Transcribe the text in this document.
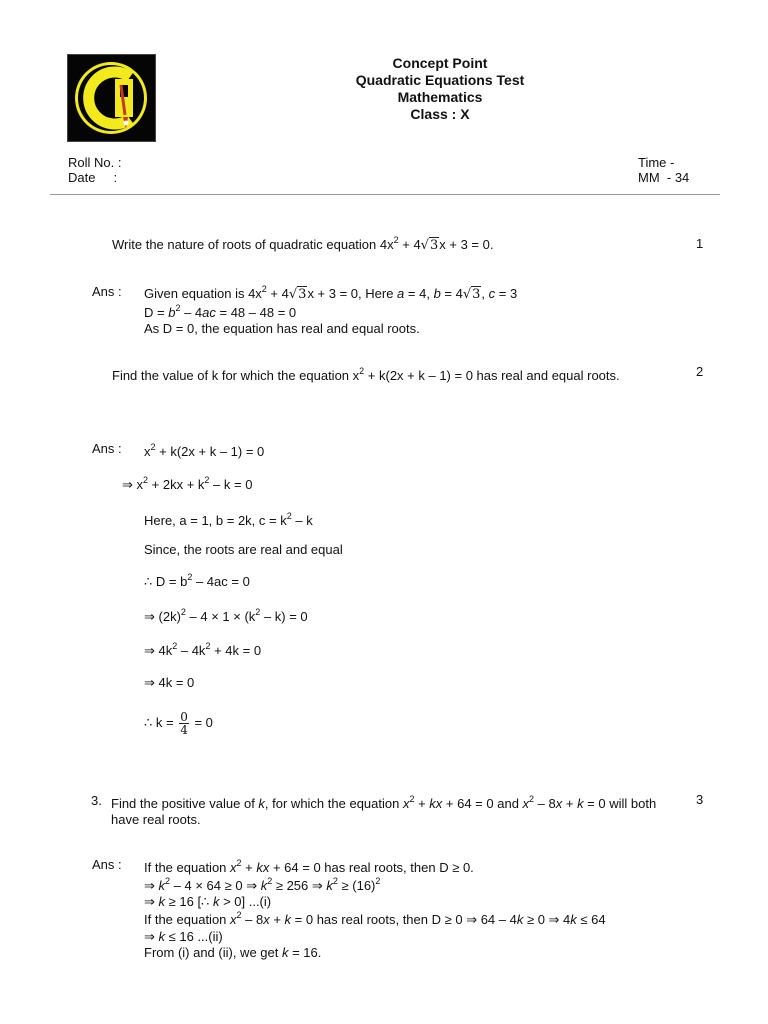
Concept Point
Quadratic Equations Test
Mathematics
Class : X
Roll No. :
Date     :
Time -
MM  - 34
Write the nature of roots of quadratic equation $4x^2 + 4√3x + 3 = 0$.	1
Ans : Given equation is $4x^2 + 4√3x + 3 = 0$, Here a = 4, b = 4√3, c = 3
$D = b^2 - 4ac = 48 - 48 = 0$
As D = 0, the equation has real and equal roots.
Find the value of k for which the equation $x^2 + k(2x + k - 1) = 0$ has real and equal roots.	2
Ans : $x^2 + k(2x + k - 1) = 0$
⇒ $x^2 + 2kx + k^2 - k = 0$
Here, a = 1, b = 2k, $c = k^2 - k$
Since, the roots are real and equal
∴ $D = b^2 - 4ac = 0$
⇒ $(2k)^2 - 4 \times 1 \times (k^2 - k) = 0$
⇒ $4k^2 - 4k^2 + 4k = 0$
⇒ 4k = 0
∴ $k = \frac{0}{4} = 0$
3. Find the positive value of k, for which the equation $x^2$ + kx + 64 = 0 and $x^2 - 8x + k = 0$ will both
have real roots.
3
Ans : If the equation $x^2$ + kx + 64 = 0 has real roots, then D ≥ 0.
⇒ $k^2 - 4 \times 64 \ge 0$ ⇒ $k^2 \ge 256$ ⇒ $k^2 \ge (16)^2$
⇒ k ≥ 16 [∴ k > 0] ...(i)
If the equation $x^2 - 8x + k = 0$ has real roots, then D ≥ 0 ⇒ 64 – 4k ≥ 0 ⇒ 4k ≤ 64
⇒ k ≤ 16 ...(ii)
From (i) and (ii), we get k = 16.
